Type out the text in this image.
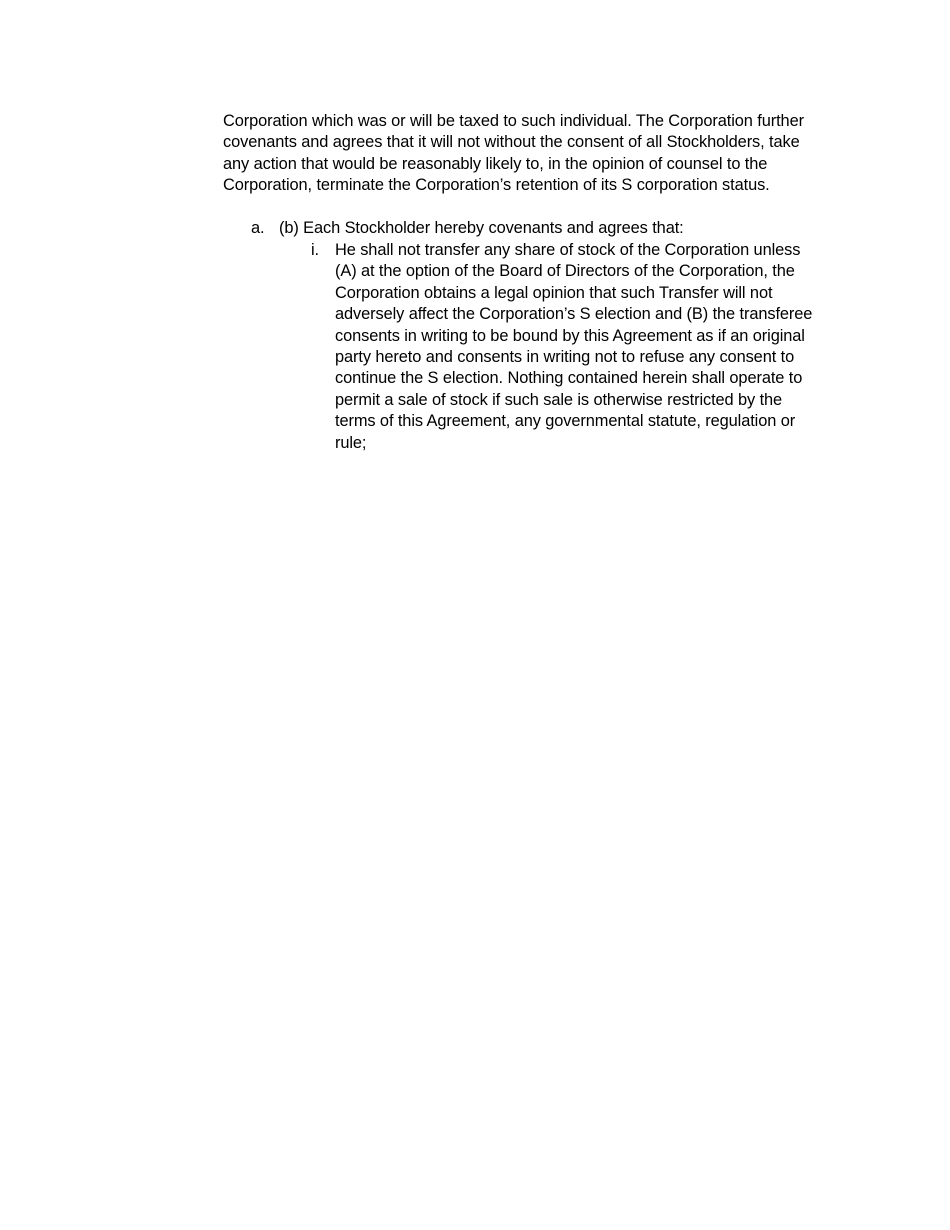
Corporation which was or will be taxed to such individual. The Corporation further covenants and agrees that it will not without the consent of all Stockholders, take any action that would be reasonably likely to, in the opinion of counsel to the Corporation, terminate the Corporation’s retention of its S corporation status.

a. (b) Each Stockholder hereby covenants and agrees that:

i. He shall not transfer any share of stock of the Corporation unless (A) at the option of the Board of Directors of the Corporation, the Corporation obtains a legal opinion that such Transfer will not adversely affect the Corporation’s S election and (B) the transferee consents in writing to be bound by this Agreement as if an original party hereto and consents in writing not to refuse any consent to continue the S election. Nothing contained herein shall operate to permit a sale of stock if such sale is otherwise restricted by the terms of this Agreement, any governmental statute, regulation or rule;
